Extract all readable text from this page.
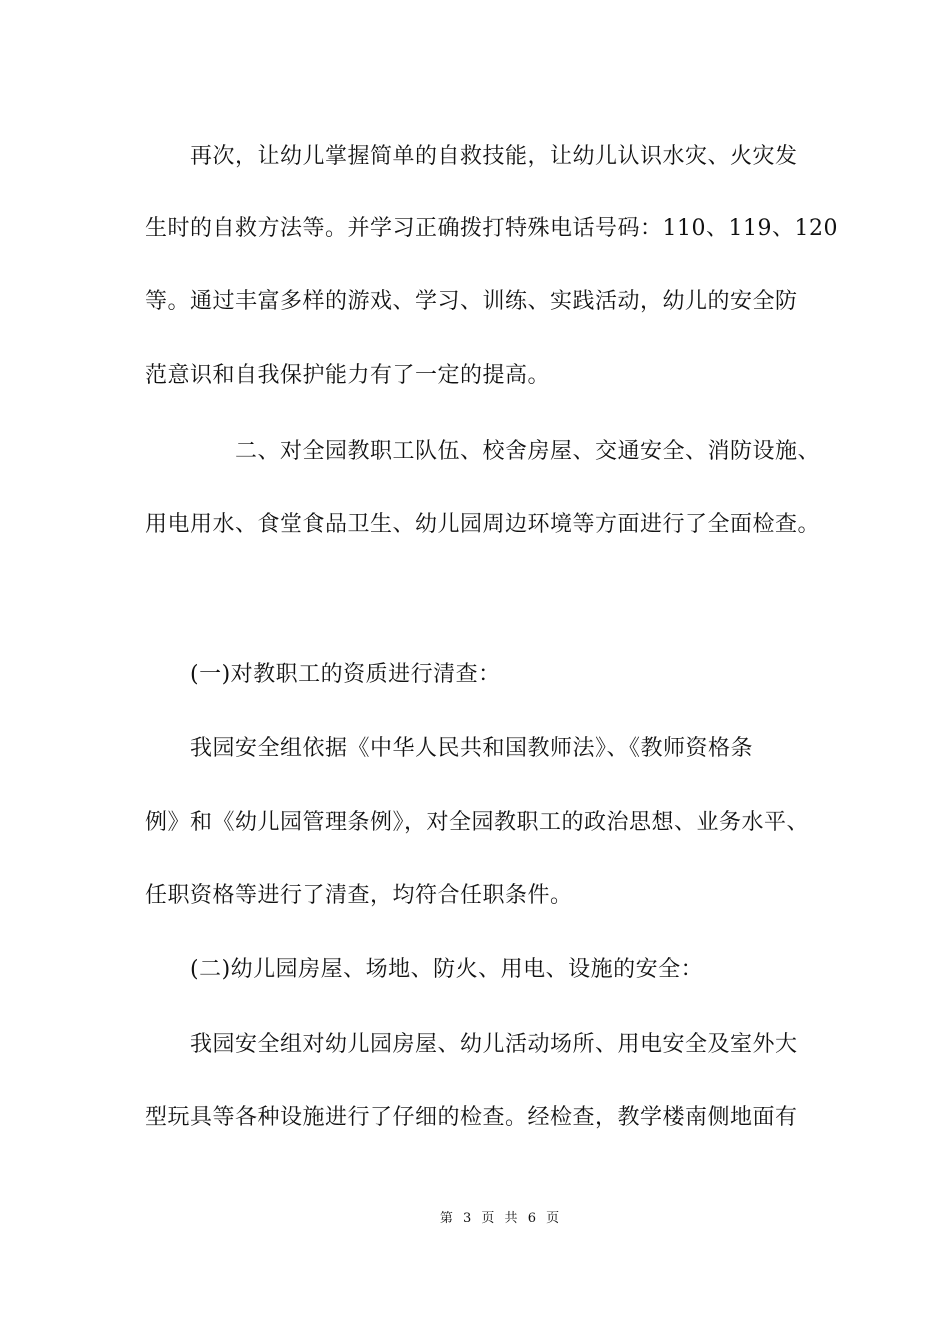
再次，让幼儿掌握简单的自救技能，让幼儿认识水灾、火灾发
生时的自救方法等。并学习正确拨打特殊电话号码：110、119、120
等。通过丰富多样的游戏、学习、训练、实践活动，幼儿的安全防
范意识和自我保护能力有了一定的提高。
二、对全园教职工队伍、校舍房屋、交通安全、消防设施、
用电用水、食堂食品卫生、幼儿园周边环境等方面进行了全面检查。
(一)对教职工的资质进行清查：
我园安全组依据《中华人民共和国教师法》、《教师资格条
例》和《幼儿园管理条例》，对全园教职工的政治思想、业务水平、
任职资格等进行了清查，均符合任职条件。
(二)幼儿园房屋、场地、防火、用电、设施的安全：
我园安全组对幼儿园房屋、幼儿活动场所、用电安全及室外大
型玩具等各种设施进行了仔细的检查。经检查，教学楼南侧地面有
第 3 页 共 6 页
